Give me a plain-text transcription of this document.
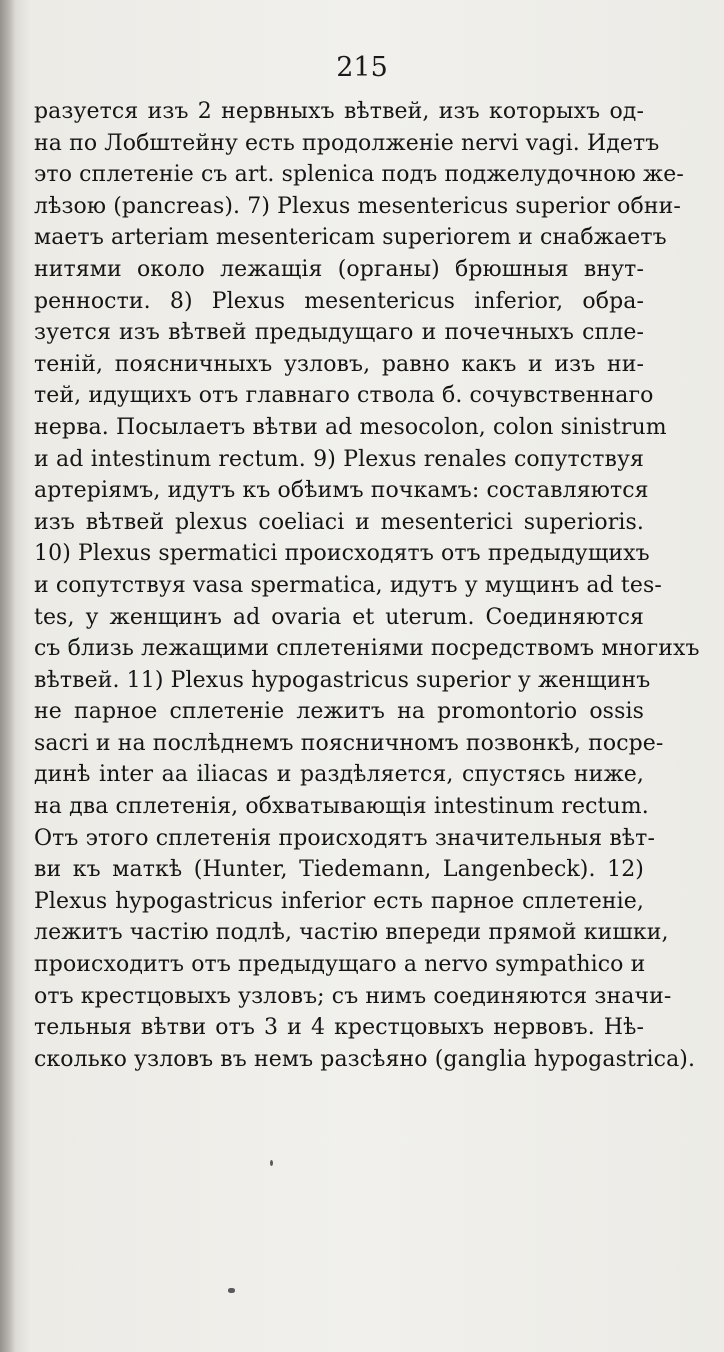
215
разуется изъ 2 нервныхъ вѣтвей, изъ которыхъ од-
на по Лобштейну есть продолженіе nervi vagi. Идетъ
это сплетеніе съ art. splenica подъ поджелудочною же-
лѣзою (pancreas). 7) Plexus mesentericus superior обни-
маетъ arteriam mesentericam superiorem и снабжаетъ
нитями около лежащія (органы) брюшныя внут-
ренности. 8) Plexus mesentericus inferior, обра-
зуется изъ вѣтвей предыдущаго и почечныхъ спле-
теній, поясничныхъ узловъ, равно какъ и изъ ни-
тей, идущихъ отъ главнаго ствола б. сочувственнаго
нерва. Посылаетъ вѣтви ad mesocolon, colon sinistrum
и ad intestinum rectum. 9) Plexus renales сопутствуя
артеріямъ, идутъ къ обѣимъ почкамъ: составляются
изъ вѣтвей plexus coeliaci и mesenterici superioris.
10) Plexus spermatici происходятъ отъ предыдущихъ
и сопутствуя vasa spermatica, идутъ у мущинъ ad tes-
tes, у женщинъ ad ovaria et uterum. Соединяются
съ близь лежащими сплетеніями посредствомъ многихъ
вѣтвей. 11) Plexus hypogastricus superior у женщинъ
не парное сплетеніе лежитъ на promontorio ossis
sacri и на послѣднемъ поясничномъ позвонкѣ, посре-
динѣ inter aa iliacas и раздѣляется, спустясь ниже,
на два сплетенія, обхватывающія intestinum rectum.
Отъ этого сплетенія происходятъ значительныя вѣт-
ви къ маткѣ (Hunter, Tiedemann, Langenbeck). 12)
Plexus hypogastricus inferior есть парное сплетеніе,
лежитъ частію подлѣ, частію впереди прямой кишки,
происходитъ отъ предыдущаго а nervo sympathico и
отъ крестцовыхъ узловъ; съ нимъ соединяются значи-
тельныя вѣтви отъ 3 и 4 крестцовыхъ нервовъ. Нѣ-
сколько узловъ въ немъ разсѣяно (ganglia hypogastrica).
